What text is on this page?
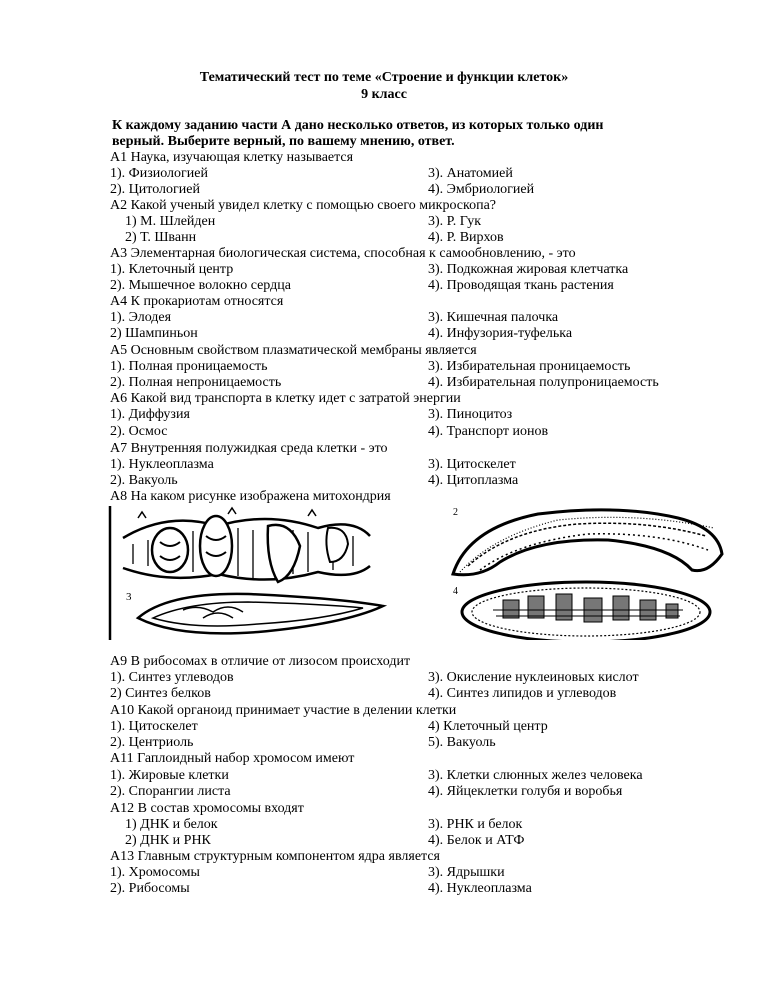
Тематический тест по теме «Строение и функции клеток»
9 класс
К каждому заданию части А дано несколько ответов, из которых только один
верный. Выберите верный, по вашему мнению, ответ.
А1 Наука, изучающая клетку называется
1). Физиологией	3). Анатомией
2). Цитологией	4). Эмбриологией
А2 Какой ученый увидел клетку с помощью своего микроскопа?
1) М. Шлейден	3). Р. Гук
2) Т. Шванн	4). Р. Вирхов
А3 Элементарная биологическая система, способная к самообновлению, - это
1). Клеточный центр	3). Подкожная жировая клетчатка
2). Мышечное волокно сердца	4). Проводящая ткань растения
А4 К прокариотам относятся
1). Элодея	3). Кишечная палочка
2) Шампиньон	4). Инфузория-туфелька
А5 Основным свойством плазматической мембраны является
1). Полная проницаемость	3). Избирательная проницаемость
2). Полная непроницаемость	4). Избирательная полупроницаемость
А6 Какой вид транспорта в клетку идет с затратой энергии
1). Диффузия	3). Пиноцитоз
2). Осмос	4). Транспорт ионов
А7 Внутренняя полужидкая среда клетки - это
1). Нуклеоплазма	3). Цитоскелет
2). Вакуоль	4). Цитоплазма
А8 На каком рисунке изображена митохондрия
2
3	4
А9 В рибосомах в отличие от лизосом происходит
1). Синтез углеводов	3). Окисление нуклеиновых кислот
2) Синтез белков	4). Синтез липидов и углеводов
А10 Какой органоид принимает участие в делении клетки
1). Цитоскелет	4) Клеточный центр
2). Центриоль	5). Вакуоль
А11 Гаплоидный набор хромосом имеют
1). Жировые клетки	3). Клетки слюнных желез человека
2). Спорангии листа	4). Яйцеклетки голубя и воробья
А12 В состав хромосомы входят
1) ДНК и белок	3). РНК и белок
2) ДНК и РНК	4). Белок и АТФ
А13 Главным структурным компонентом ядра является
1). Хромосомы	3). Ядрышки
2). Рибосомы	4). Нуклеоплазма
